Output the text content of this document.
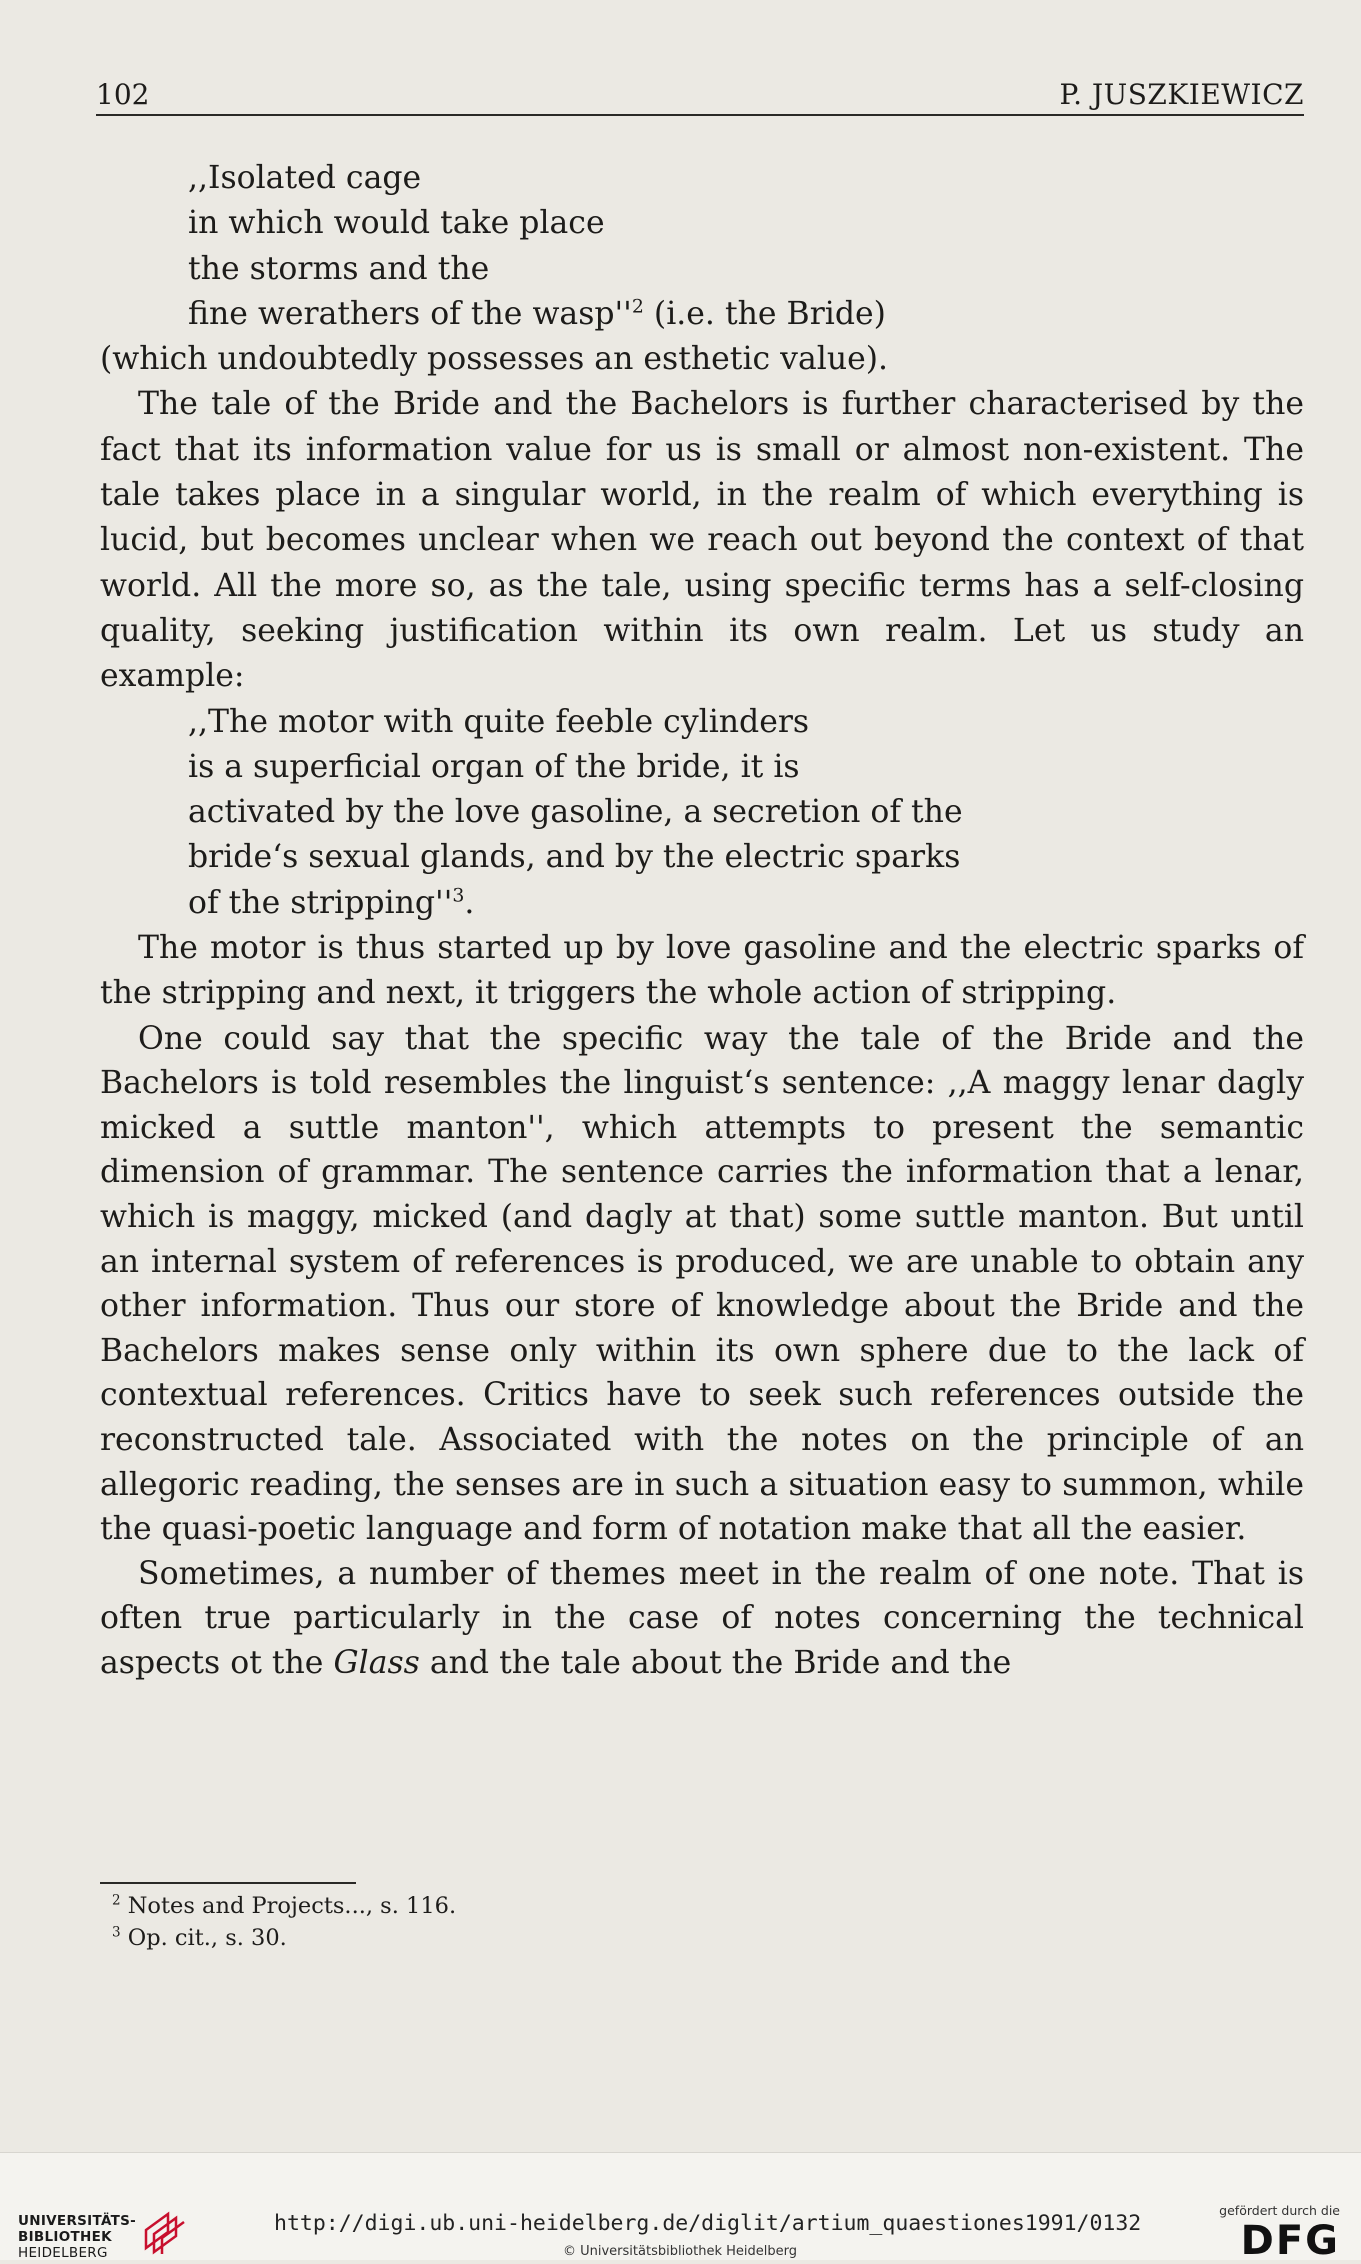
102	P. JUSZKIEWICZ

,,Isolated cage

in which would take place

the storms and the

fine werathers of the $wasp''^2$ (i.e. the Bride)

(which undoubtedly possesses an esthetic value).

The tale of the Bride and the Bachelors is further characterised by the fact that its information value for us is small or almost non-existent. The tale takes place in a singular world, in the realm of which everything is lucid, but becomes unclear when we reach out beyond the context of that world. All the more so, as the tale, using specific terms has a self-closing quality, seeking justification within its own realm. Let us study an example:

,,The motor with quite feeble cylinders

is a superficial organ of the bride, it is

activated by the love gasoline, a secretion of the

bride‘s sexual glands, and by the electric sparks

of the $stripping''^3$.

The motor is thus started up by love gasoline and the electric sparks of the stripping and next, it triggers the whole action of stripping.

One could say that the specific way the tale of the Bride and the Bachelors is told resembles the linguist‘s sentence: ,,A maggy lenar dagly micked a suttle manton'', which attempts to present the semantic dimension of grammar. The sentence carries the information that a lenar, which is maggy, micked (and dagly at that) some suttle manton. But until an internal system of references is produced, we are unable to obtain any other information. Thus our store of knowledge about the Bride and the Bachelors makes sense only within its own sphere due to the lack of contextual references. Critics have to seek such references outside the reconstructed tale. Associated with the notes on the principle of an allegoric reading, the senses are in such a situation easy to summon, while the quasi-poetic language and form of notation make that all the easier.

Sometimes, a number of themes meet in the realm of one note. That is often true particularly in the case of notes concerning the technical aspects ot the Glass and the tale about the Bride and the

$^2$ Notes and Projects..., s. 116.
$^3$ Op. cit., s. 30.
UNIVERSITÄTS-
BIBLIOTHEK
HEIDELBERG
http://digi.ub.uni-heidelberg.de/diglit/artium_quaestiones1991/0132
© Universitätsbibliothek Heidelberg
gefördert durch die
DFG
